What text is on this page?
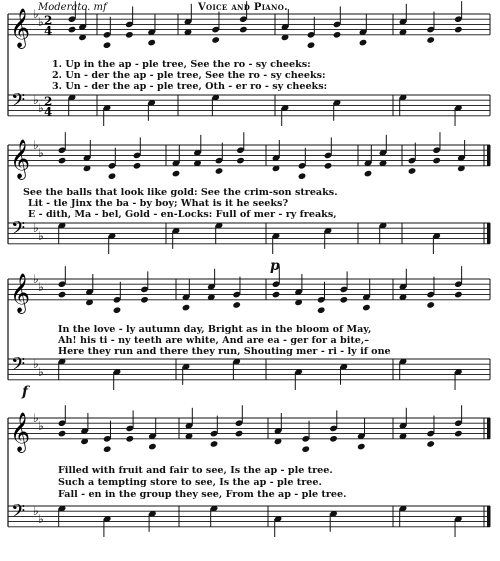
𝄞 ♭
♭ 2
4
𝄢 ♭
♭ 2
4
𝄞 ♭
♭
𝄢 ♭
♭
𝄞 ♭
♭
𝄢 ♭
♭
𝄞 ♭
♭
𝄢 ♭
♭
Moderato. mf	Voice and Piano.
p
f
1. Up in the ap - ple tree, See the ro - sy cheeks:
2. Un - der the ap - ple tree, See the ro - sy cheeks:
3. Un - der the ap - ple tree, Oth - er ro - sy cheeks:
See the balls that look like gold: See the crim-son streaks.
Lit - tle Jinx the ba - by boy; What is it he seeks?
E - dith, Ma - bel, Gold - en-Locks: Full of mer - ry freaks,
In the love - ly autumn day, Bright as in the bloom of May,
Ah! his ti - ny teeth are white, And are ea - ger for a bite,–
Here they run and there they run, Shouting mer - ri - ly if one
Filled with fruit and fair to see, Is the ap - ple tree.
Such a tempting store to see, Is the ap - ple tree.
Fall - en in the group they see, From the ap - ple tree.
